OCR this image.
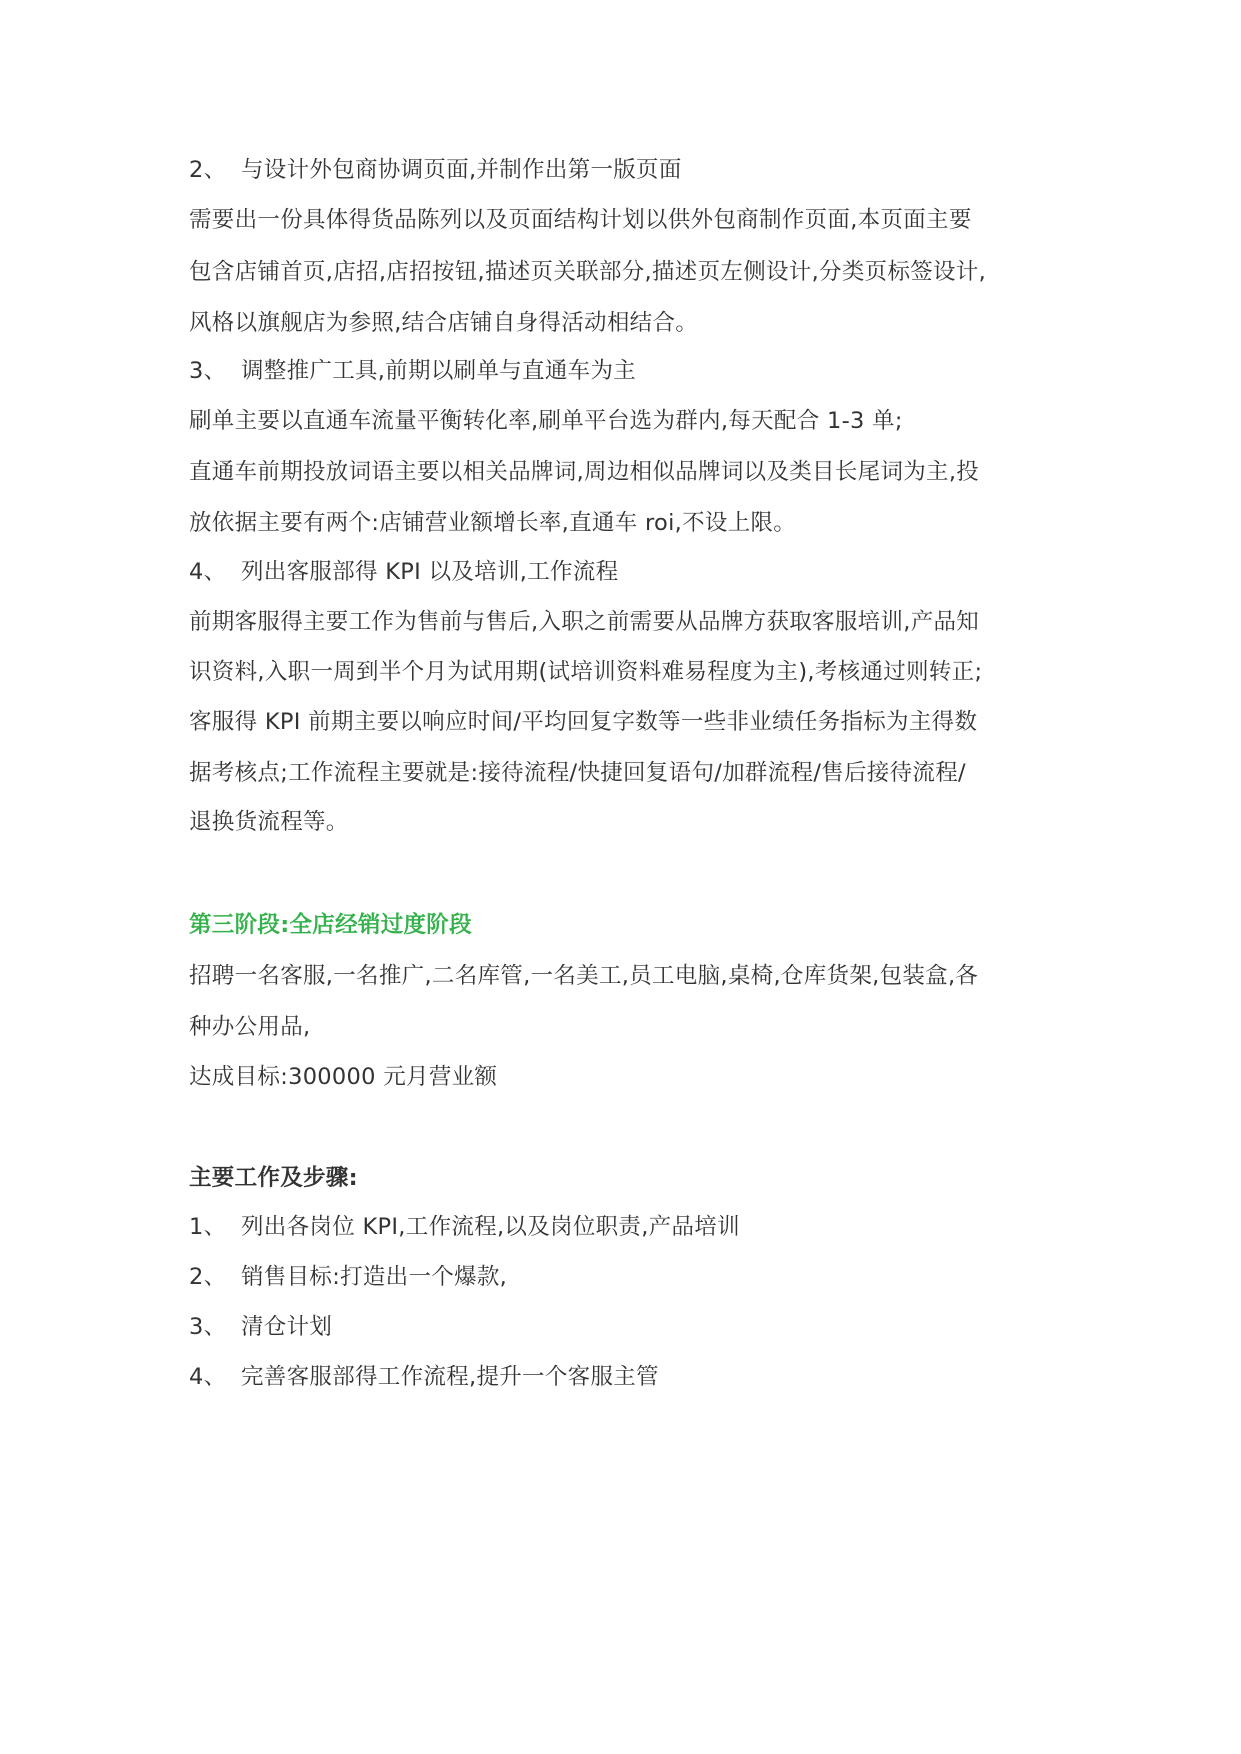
2、 与设计外包商协调页面,并制作出第一版页面
需要出一份具体得货品陈列以及页面结构计划以供外包商制作页面,本页面主要
包含店铺首页,店招,店招按钮,描述页关联部分,描述页左侧设计,分类页标签设计,
风格以旗舰店为参照,结合店铺自身得活动相结合。
3、 调整推广工具,前期以刷单与直通车为主
刷单主要以直通车流量平衡转化率,刷单平台选为群内,每天配合 1-3 单;
直通车前期投放词语主要以相关品牌词,周边相似品牌词以及类目长尾词为主,投
放依据主要有两个:店铺营业额增长率,直通车 roi,不设上限。
4、 列出客服部得 KPI 以及培训,工作流程
前期客服得主要工作为售前与售后,入职之前需要从品牌方获取客服培训,产品知
识资料,入职一周到半个月为试用期(试培训资料难易程度为主),考核通过则转正;
客服得 KPI 前期主要以响应时间/平均回复字数等一些非业绩任务指标为主得数
据考核点;工作流程主要就是:接待流程/快捷回复语句/加群流程/售后接待流程/
退换货流程等。
第三阶段:全店经销过度阶段
招聘一名客服,一名推广,二名库管,一名美工,员工电脑,桌椅,仓库货架,包装盒,各
种办公用品,
达成目标:300000 元月营业额
主要工作及步骤:
1、 列出各岗位 KPI,工作流程,以及岗位职责,产品培训
2、 销售目标:打造出一个爆款,
3、 清仓计划
4、 完善客服部得工作流程,提升一个客服主管
